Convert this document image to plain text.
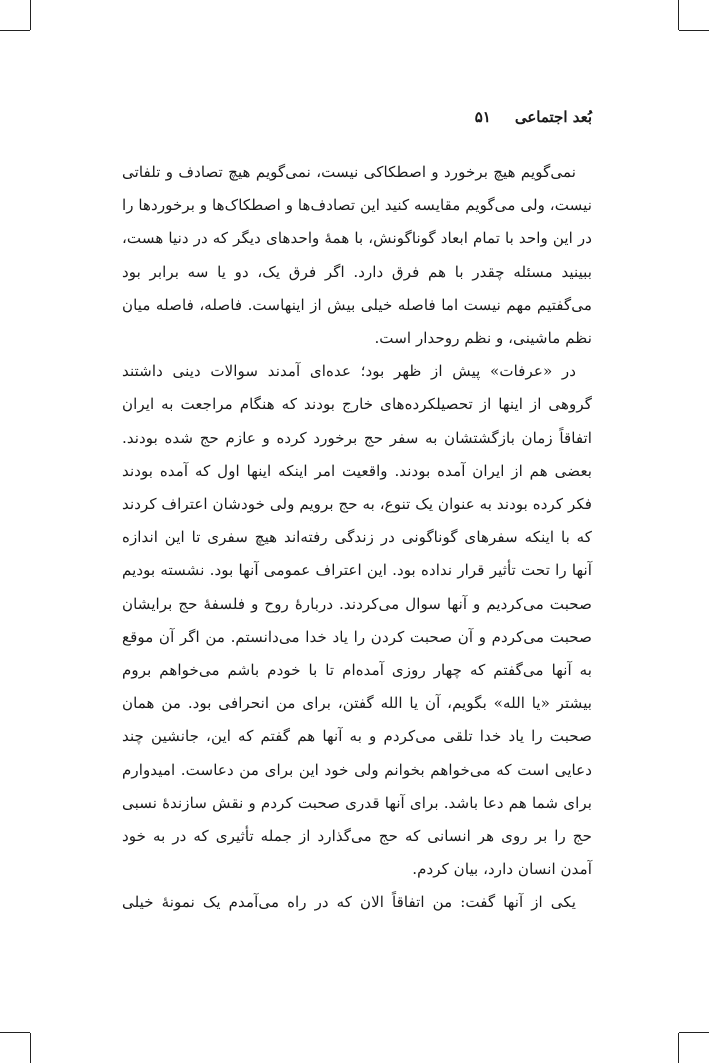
بُعد اجتماعی
۵۱

نمی‌گویم هیچ برخورد و اصطکاکی نیست، نمی‌گویم هیچ تصادف و تلفاتی نیست، ولی می‌گویم مقایسه کنید این تصادف‌ها و اصطکاک‌ها و برخوردها را در این واحد با تمام ابعاد گوناگونش، با همهٔ واحدهای دیگر که در دنیا هست، ببینید مسئله چقدر با هم فرق دارد. اگر فرق یک، دو یا سه برابر بود می‌گفتیم مهم نیست اما فاصله خیلی بیش از اینهاست. فاصله، فاصله میان نظم ماشینی، و نظم روحدار است.

در «عرفات» پیش از ظهر بود؛ عده‌ای آمدند سوالات دینی داشتند گروهی از اینها از تحصیلکرده‌های خارج بودند که هنگام مراجعت به ایران اتفاقاً زمان بازگشتشان به سفر حج برخورد کرده و عازم حج شده بودند. بعضی هم از ایران آمده بودند. واقعیت امر اینکه اینها اول که آمده بودند فکر کرده بودند به عنوان یک تنوع، به حج برویم ولی خودشان اعتراف کردند که با اینکه سفرهای گوناگونی در زندگی رفته‌اند هیچ سفری تا این اندازه آنها را تحت تأثیر قرار نداده بود. این اعتراف عمومی آنها بود. نشسته بودیم صحبت می‌کردیم و آنها سوال می‌کردند. دربارهٔ روح و فلسفهٔ حج برایشان صحبت می‌کردم و آن صحبت کردن را یاد خدا می‌دانستم. من اگر آن موقع به آنها می‌گفتم که چهار روزی آمده‌ام تا با خودم باشم می‌خواهم بروم بیشتر «یا الله» بگویم، آن یا الله گفتن، برای من انحرافی بود. من همان صحبت را یاد خدا تلقی می‌کردم و به آنها هم گفتم که این، جانشین چند دعایی است که می‌خواهم بخوانم ولی خود این برای من دعاست. امیدوارم برای شما هم دعا باشد. برای آنها قدری صحبت کردم و نقش سازندهٔ نسبی حج را بر روی هر انسانی که حج می‌گذارد از جمله تأثیری که در به خود آمدن انسان دارد، بیان کردم.

یکی از آنها گفت: من اتفاقاً الان که در راه می‌آمدم یک نمونهٔ خیلی
